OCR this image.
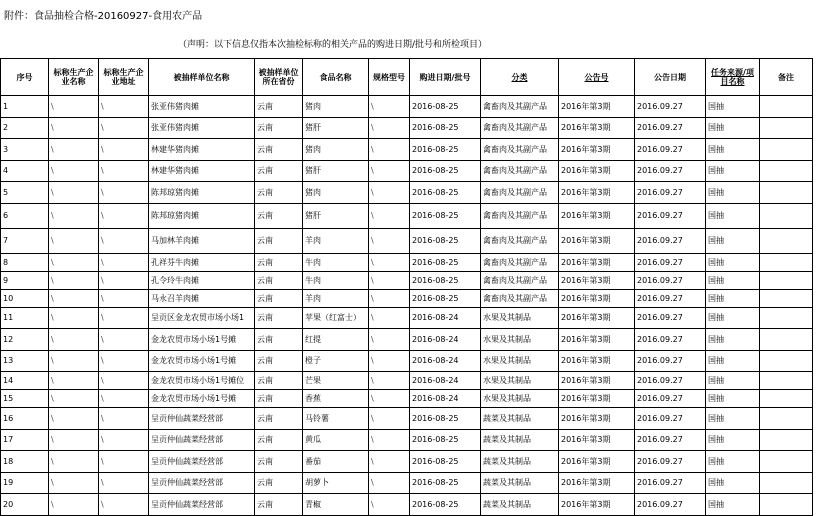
附件：食品抽检合格-20160927-食用农产品
（声明：以下信息仅指本次抽检标称的相关产品的购进日期/批号和所检项目）
序号	标称生产企业名称	标称生产企业地址	被抽样单位名称	被抽样单位所在省份	食品名称	规格型号	购进日期/批号	分类	公告号	公告日期	任务来源/项目名称	备注
1	\	\	张亚伟猪肉摊	云南	猪肉	\	2016-08-25	禽畜肉及其副产品	2016年第3期	2016.09.27	国抽	
2	\	\	张亚伟猪肉摊	云南	猪肝	\	2016-08-25	禽畜肉及其副产品	2016年第3期	2016.09.27	国抽	
3	\	\	林建华猪肉摊	云南	猪肉	\	2016-08-25	禽畜肉及其副产品	2016年第3期	2016.09.27	国抽	
4	\	\	林建华猪肉摊	云南	猪肝	\	2016-08-25	禽畜肉及其副产品	2016年第3期	2016.09.27	国抽	
5	\	\	陈邦琼猪肉摊	云南	猪肉	\	2016-08-25	禽畜肉及其副产品	2016年第3期	2016.09.27	国抽	
6	\	\	陈邦琼猪肉摊	云南	猪肝	\	2016-08-25	禽畜肉及其副产品	2016年第3期	2016.09.27	国抽	
7	\	\	马加林羊肉摊	云南	羊肉	\	2016-08-25	禽畜肉及其副产品	2016年第3期	2016.09.27	国抽	
8	\	\	孔祥芬牛肉摊	云南	牛肉	\	2016-08-25	禽畜肉及其副产品	2016年第3期	2016.09.27	国抽	
9	\	\	孔令玲牛肉摊	云南	牛肉	\	2016-08-25	禽畜肉及其副产品	2016年第3期	2016.09.27	国抽	
10	\	\	马永召羊肉摊	云南	羊肉	\	2016-08-25	禽畜肉及其副产品	2016年第3期	2016.09.27	国抽	
11	\	\	呈贡区金龙农贸市场小场1	云南	苹果（红富士）	\	2016-08-24	水果及其制品	2016年第3期	2016.09.27	国抽	
12	\	\	金龙农贸市场小场1号摊	云南	红提	\	2016-08-24	水果及其制品	2016年第3期	2016.09.27	国抽	
13	\	\	金龙农贸市场小场1号摊	云南	橙子	\	2016-08-24	水果及其制品	2016年第3期	2016.09.27	国抽	
14	\	\	金龙农贸市场小场1号摊位	云南	芒果	\	2016-08-24	水果及其制品	2016年第3期	2016.09.27	国抽	
15	\	\	金龙农贸市场小场1号摊	云南	香蕉	\	2016-08-24	水果及其制品	2016年第3期	2016.09.27	国抽	
16	\	\	呈贡仲仙蔬菜经营部	云南	马铃薯	\	2016-08-25	蔬菜及其制品	2016年第3期	2016.09.27	国抽	
17	\	\	呈贡仲仙蔬菜经营部	云南	黄瓜	\	2016-08-25	蔬菜及其制品	2016年第3期	2016.09.27	国抽	
18	\	\	呈贡仲仙蔬菜经营部	云南	番茄	\	2016-08-25	蔬菜及其制品	2016年第3期	2016.09.27	国抽	
19	\	\	呈贡仲仙蔬菜经营部	云南	胡萝卜	\	2016-08-25	蔬菜及其制品	2016年第3期	2016.09.27	国抽	
20	\	\	呈贡仲仙蔬菜经营部	云南	青椒	\	2016-08-25	蔬菜及其制品	2016年第3期	2016.09.27	国抽	
